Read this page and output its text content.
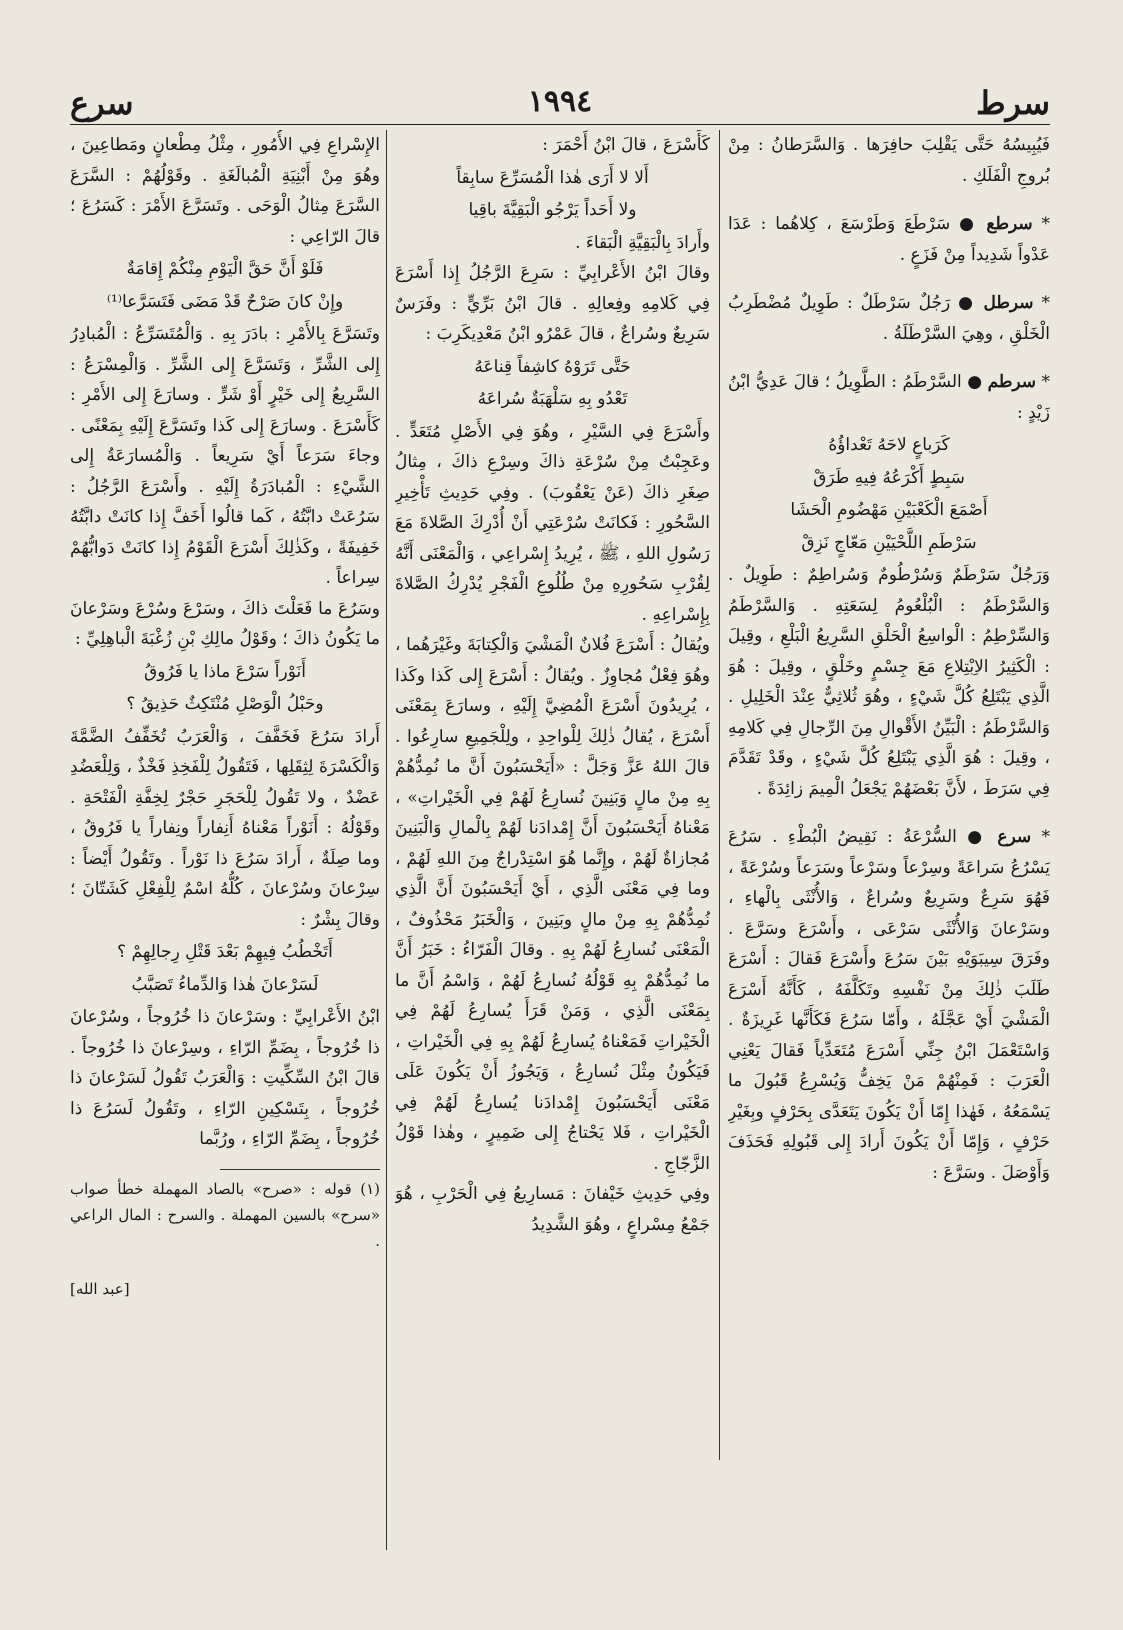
سرط
١٩٩٤
سرع

فَيُبِيسُهُ حَتَّى يَقْلِبَ حافِرَها . وَالسَّرَطانُ : مِنْ بُروجِ الْفَلَكِ .

* سرطع ● سَرْطَعَ وَطَرْسَعَ ، كِلاهُما : عَدَا عَدْواً شَدِيداً مِنْ فَزَعٍ .

* سرطل ● رَجُلٌ سَرْطَلٌ : طَوِيلٌ مُضْطَرِبُ الْخَلْقِ ، وهِيَ السَّرْطَلَةُ .

* سرطم ● السَّرْطَمُ : الطَّوِيلُ ؛ قالَ عَدِيُّ ابْنُ زَيْدٍ :
كَرَباعٍ لاحَهُ تَعْداؤُهُ
سَبِطٍ أَكْرَعُهُ فِيهِ طَرَقْ
أَصْمَعَ الْكَعْبَيْنِ مَهْضُومِ الْحَشَا
سَرْطَمِ اللَّحْيَيْنِ مَعّاجٍ نَزِقْ
وَرَجُلٌ سَرْطَمٌ وَسُرْطُومٌ وَسُراطِمٌ : طَوِيلٌ . وَالسَّرْطَمُ : الْبُلْعُومُ لِسَعَتِهِ . وَالسَّرْطَمُ وَالسِّرْطِمُ : الْواسِعُ الْحَلْقِ السَّرِيعُ الْبَلْعِ ، وقِيلَ : الْكَثِيرُ الاِبْتِلاعِ مَعَ جِسْمٍ وخَلْقٍ ، وقِيلَ : هُوَ الَّذِي يَبْتَلِعُ كُلَّ شَيْءٍ ، وهُوَ ثُلاثِيٌّ عِنْدَ الْخَلِيلِ . وَالسَّرْطَمُ : الْبَيِّنُ الأَقْوالِ مِنَ الرِّجالِ فِي كَلامِهِ ، وقِيلَ : هُوَ الَّذِي يَبْتَلِعُ كُلَّ شَيْءٍ ، وقَدْ تَقَدَّمَ فِي سَرَطَ ، لأَنَّ بَعْضَهُمْ يَجْعَلُ الْمِيمَ زائِدَةً .

* سرع ● السُّرْعَةُ : نَقِيضُ الْبُطْءِ . سَرُعَ يَسْرُعُ سَراعَةً وسِرْعاً وسَرْعاً وسَرَعاً وسُرْعَةً ، فَهُوَ سَرِعٌ وسَرِيعٌ وسُراعٌ ، وَالأُنْثَى بِالْهاءِ ، وسَرْعانَ وَالأُنْثَى سَرْعَى ، وأَسْرَعَ وسَرَّعَ . وفَرَقَ سِيبَوَيْهِ بَيْنَ سَرُعَ وأَسْرَعَ فَقالَ : أَسْرَعَ طَلَبَ ذٰلِكَ مِنْ نَفْسِهِ وتَكَلَّفَهُ ، كَأَنَّهُ أَسْرَعَ الْمَشْيَ أَيْ عَجَّلَهُ ، وأَمّا سَرُعَ فَكَأَنَّها غَرِيزَةٌ . وَاسْتَعْمَلَ ابْنُ جِنِّي أَسْرَعَ مُتَعَدِّياً فَقالَ يَعْنِي الْعَرَبَ : فَمِنْهُمْ مَنْ يَخِفُّ وَيُسْرِعُ قَبُولَ ما يَسْمَعُهُ ، فَهٰذا إِمّا أَنْ يَكُونَ يَتَعَدَّى بِحَرْفٍ وبِغَيْرِ حَرْفٍ ، وَإِمّا أَنْ يَكُونَ أَرادَ إِلى قَبُولِهِ فَحَذَفَ وَأَوْصَلَ . وسَرَّعَ :

كَأَسْرَعَ ، قالَ ابْنُ أَحْمَرَ :
أَلا لا أَرَى هٰذا الْمُسَرِّعَ سابِقاً
ولا أَحَداً يَرْجُو الْبَقِيَّةَ باقِيا
وأَرادَ بِالْبَقِيَّةِ الْبَقاءَ .
وقالَ ابْنُ الأَعْرابِيِّ : سَرِعَ الرَّجُلُ إِذا أَسْرَعَ فِي كَلامِهِ وفِعالِهِ . قالَ ابْنُ بَرِّيٍّ : وفَرَسٌ سَرِيعٌ وسُراعٌ ، قالَ عَمْرُو ابْنُ مَعْدِيكَرِبَ :
حَتَّى تَرَوْهُ كاشِفاً قِناعَهُ
تَعْدُو بِهِ سَلْهَبَةٌ سُراعَهُ
وأَسْرَعَ فِي السَّيْرِ ، وهُوَ فِي الأَصْلِ مُتَعَدٍّ . وعَجِبْتُ مِنْ سُرْعَةِ ذاكَ وسِرْعِ ذاكَ ، مِثالُ صِغَرِ ذاكَ (عَنْ يَعْقُوبَ) . وفِي حَدِيثِ تَأْخِيرِ السَّحُورِ : فَكانَتْ سُرْعَتِي أَنْ أُدْرِكَ الصَّلاةَ مَعَ رَسُولِ اللهِ ، ﷺ ، يُرِيدُ إِسْراعِي ، وَالْمَعْنَى أَنَّهُ لِقُرْبِ سَحُورِهِ مِنْ طُلُوعِ الْفَجْرِ يُدْرِكُ الصَّلاةَ بِإِسْراعِهِ .
ويُقالُ : أَسْرَعَ فُلانٌ الْمَشْيَ وَالْكِتابَةَ وغَيْرَهُما ، وهُوَ فِعْلٌ مُجاوِزٌ . ويُقالُ : أَسْرَعَ إِلى كَذا وكَذا ، يُرِيدُونَ أَسْرَعَ الْمُضِيَّ إِلَيْهِ ، وسارَعَ بِمَعْنَى أَسْرَعَ ، يُقالُ ذٰلِكَ لِلْواحِدِ ، ولِلْجَمِيعِ سارِعُوا . قالَ اللهُ عَزَّ وَجَلَّ : «أَيَحْسَبُونَ أَنَّ ما نُمِدُّهُمْ بِهِ مِنْ مالٍ وَبَنِينَ نُسارِعُ لَهُمْ فِي الْخَيْراتِ» ، مَعْناهُ أَيَحْسَبُونَ أَنَّ إِمْدادَنا لَهُمْ بِالْمالِ وَالْبَنِينَ مُجازاةٌ لَهُمْ ، وإِنَّما هُوَ اسْتِدْراجٌ مِنَ اللهِ لَهُمْ ، وما فِي مَعْنَى الَّذِي ، أَيْ أَيَحْسَبُونَ أَنَّ الَّذِي نُمِدُّهُمْ بِهِ مِنْ مالٍ وبَنِينَ ، وَالْخَبَرُ مَحْذُوفٌ ، الْمَعْنَى نُسارِعُ لَهُمْ بِهِ . وقالَ الْفَرّاءُ : خَبَرُ أَنَّ ما نُمِدُّهُمْ بِهِ قَوْلُهُ نُسارِعُ لَهُمْ ، وَاسْمُ أَنَّ ما بِمَعْنَى الَّذِي ، وَمَنْ قَرَأَ يُسارِعُ لَهُمْ فِي الْخَيْراتِ فَمَعْناهُ يُسارِعُ لَهُمْ بِهِ فِي الْخَيْراتِ ، فَيَكُونُ مِثْلَ نُسارِعُ ، وَيَجُوزُ أَنْ يَكُونَ عَلَى مَعْنَى أَيَحْسَبُونَ إِمْدادَنا يُسارِعُ لَهُمْ فِي الْخَيْراتِ ، فَلا يَحْتاجُ إِلى ضَمِيرٍ ، وهٰذا قَوْلُ الزَّجّاجِ .
وفِي حَدِيثِ خَيْفانَ : مَسارِيعُ فِي الْحَرْبِ ، هُوَ جَمْعُ مِسْراعٍ ، وهُوَ الشَّدِيدُ
الإِسْراعِ فِي الأُمُورِ ، مِثْلُ مِطْعانٍ ومَطاعِينَ ، وهُوَ مِنْ أَبْنِيَةِ الْمُبالَغَةِ . وقَوْلُهُمْ : السَّرَعَ السَّرَعَ مِثالُ الْوَحَى . وتَسَرَّعَ الأَمْرَ : كَسَرُعَ ؛ قالَ الرّاعِي :
فَلَوْ أَنَّ حَقَّ الْيَوْمِ مِنْكُمْ إِقامَةٌ
وإِنْ كانَ صَرْحٌ قَدْ مَضَى فَتَسَرَّعا⁽¹⁾
وتَسَرَّعَ بِالأَمْرِ : بادَرَ بِهِ . وَالْمُتَسَرِّعُ : الْمُبادِرُ إِلى الشَّرِّ ، وَتَسَرَّعَ إِلى الشَّرِّ . وَالْمِسْرَعُ : السَّرِيعُ إِلى خَيْرٍ أَوْ شَرٍّ . وسارَعَ إِلى الأَمْرِ : كَأَسْرَعَ . وسارَعَ إِلى كَذا وتَسَرَّعَ إِلَيْهِ بِمَعْنًى . وجاءَ سَرَعاً أَيْ سَرِيعاً . وَالْمُسارَعَةُ إِلى الشَّيْءِ : الْمُبادَرَةُ إِلَيْهِ . وأَسْرَعَ الرَّجُلُ : سَرُعَتْ دابَّتُهُ ، كَما قالُوا أَخَفَّ إِذا كانَتْ دابَّتُهُ خَفِيفَةً ، وكَذٰلِكَ أَسْرَعَ الْقَوْمُ إِذا كانَتْ دَوابُّهُمْ سِراعاً .
وسَرُعَ ما فَعَلْتَ ذاكَ ، وسَرْعَ وسُرْعَ وسَرْعانَ ما يَكُونُ ذاكَ ؛ وقَوْلُ مالِكِ بْنِ زُغْبَةَ الْباهِلِيِّ :
أَنَوْراً سَرْعَ ماذا يا فَرُوقُ
وحَبْلُ الْوَصْلِ مُنْتَكِثٌ حَذِيقُ ؟
أَرادَ سَرُعَ فَخَفَّفَ ، وَالْعَرَبُ تُخَفِّفُ الضَّمَّةَ وَالْكَسْرَةَ لِثِقَلِها ، فَتَقُولُ لِلْفَخِذِ فَخْذٌ ، وَلِلْعَضُدِ عَضْدٌ ، ولا تَقُولُ لِلْحَجَرِ حَجْرٌ لِخِفَّةِ الْفَتْحَةِ . وقَوْلُهُ : أَنَوْراً مَعْناهُ أَنِفاراً ونِفاراً يا فَرُوقُ ، وما صِلَةٌ ، أَرادَ سَرُعَ ذا نَوْراً . وتَقُولُ أَيْضاً : سِرْعانَ وسُرْعانَ ، كُلُّهُ اسْمٌ لِلْفِعْلِ كَشَتّانَ ؛ وقالَ بِشْرٌ :
أَتَخْطُبُ فِيهِمْ بَعْدَ قَتْلِ رِجالِهِمْ ؟
لَسَرْعانَ هٰذا وَالدِّماءُ تَصَبَّبُ
ابْنُ الأَعْرابِيِّ : وسَرْعانَ ذا خُرُوجاً ، وسُرْعانَ ذا خُرُوجاً ، بِضَمِّ الرّاءِ ، وسِرْعانَ ذا خُرُوجاً . قالَ ابْنُ السِّكِّيتِ : وَالْعَرَبُ تَقُولُ لَسَرْعانَ ذا خُرُوجاً ، بِتَسْكِينِ الرّاءِ ، وتَقُولُ لَسَرُعَ ذا خُرُوجاً ، بِضَمِّ الرّاءِ ، ورُبَّما
(١) قوله : «صرح» بالصاد المهملة خطأ صواب «سرح» بالسين المهملة . والسرح : المال الراعي .
[عبد الله]
